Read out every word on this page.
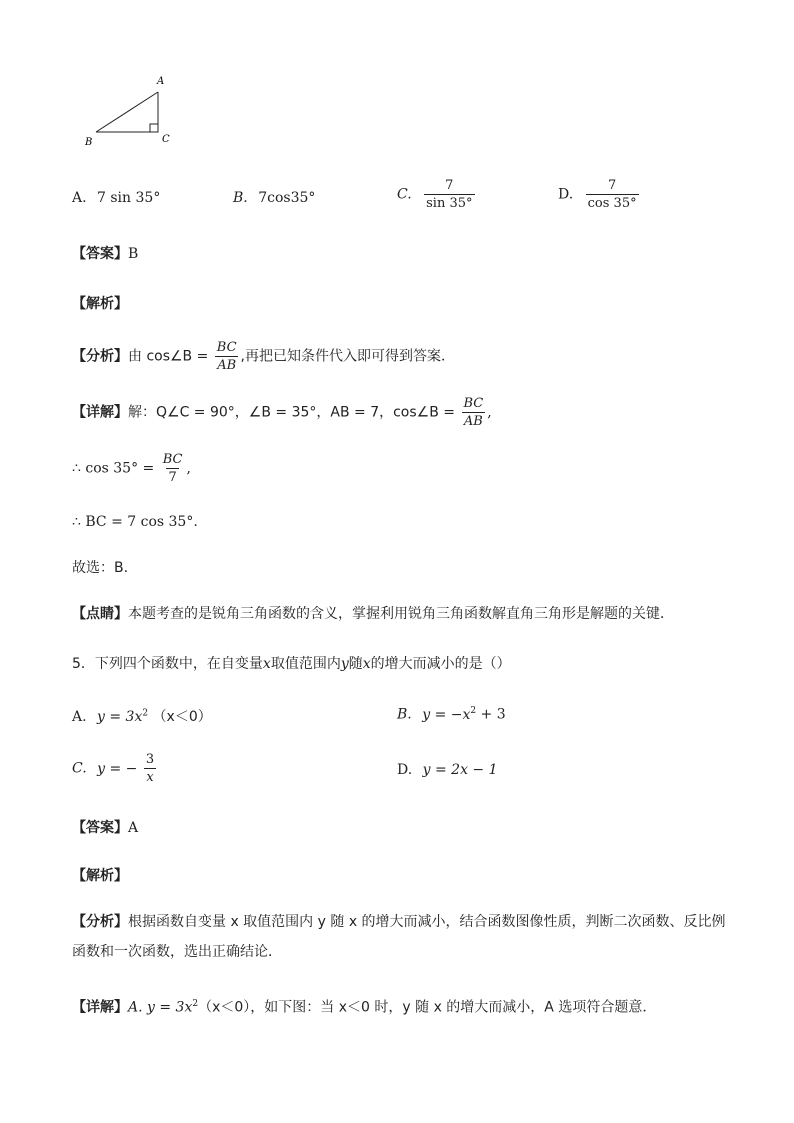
A
B	C
A. 7 sin 35°	B. 7cos35°	C. $\frac{7}{\sin 35^\circ}$	D. $\frac{7}{\cos 35^\circ}$
【答案】B
【解析】
【分析】由 cos∠B = $\frac{BC}{AB}$ ,再把已知条件代入即可得到答案．
【详解】解：Q∠C = 90°，∠B = 35°，AB = 7，cos∠B = $\frac{BC}{AB}$ ,
∴ $\cos 35^\circ = \frac{BC}{7}$ ,
∴ BC = 7 cos 35°.
故选：B.
【点睛】本题考查的是锐角三角函数的含义，掌握利用锐角三角函数解直角三角形是解题的关键．
5．下列四个函数中，在自变量x取值范围内y随x的增大而减小的是（）
A. $y = 3x^2$ （x＜0）	B. $y = -x^2 + 3$
C. y = − $\frac{3}{x}$	D. y = 2x − 1
【答案】A
【解析】
【分析】根据函数自变量 x 取值范围内 y 随 x 的增大而减小，结合函数图像性质，判断二次函数、反比例
函数和一次函数，选出正确结论．
【详解】A. $y = 3x^2(x<0)$，如下图：当 x＜0 时，y 随 x 的增大而减小，A 选项符合题意．
